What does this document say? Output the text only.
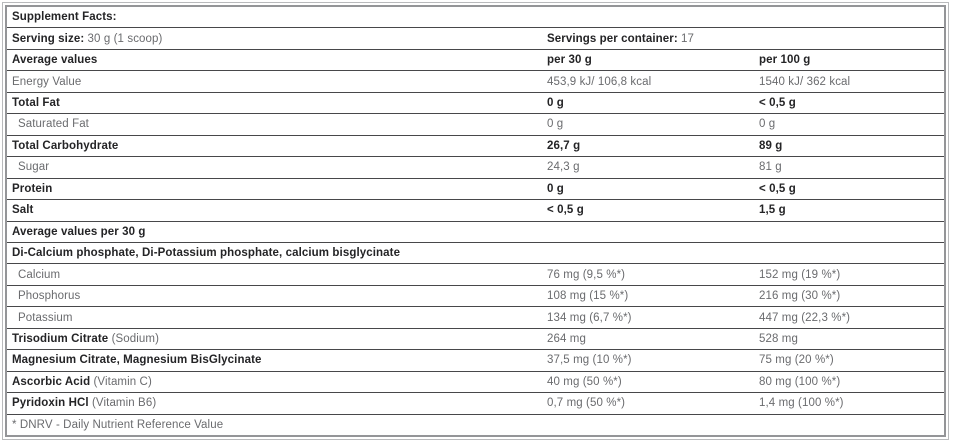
Supplement Facts:
Serving size: 30 g (1 scoop)	Servings per container: 17
Average values	per 30 g	per 100 g
Energy Value	453,9 kJ/ 106,8 kcal	1540 kJ/ 362 kcal
Total Fat	0 g	< 0,5 g
Saturated Fat	0 g	0 g
Total Carbohydrate	26,7 g	89 g
Sugar	24,3 g	81 g
Protein	0 g	< 0,5 g
Salt	< 0,5 g	1,5 g
Average values per 30 g
Di-Calcium phosphate, Di-Potassium phosphate, calcium bisglycinate
Calcium	76 mg (9,5 %*)	152 mg (19 %*)
Phosphorus	108 mg (15 %*)	216 mg (30 %*)
Potassium	134 mg (6,7 %*)	447 mg (22,3 %*)
Trisodium Citrate (Sodium)	264 mg	528 mg
Magnesium Citrate, Magnesium BisGlycinate	37,5 mg (10 %*)	75 mg (20 %*)
Ascorbic Acid (Vitamin C)	40 mg (50 %*)	80 mg (100 %*)
Pyridoxin HCl (Vitamin B6)	0,7 mg (50 %*)	1,4 mg (100 %*)
* DNRV - Daily Nutrient Reference Value
